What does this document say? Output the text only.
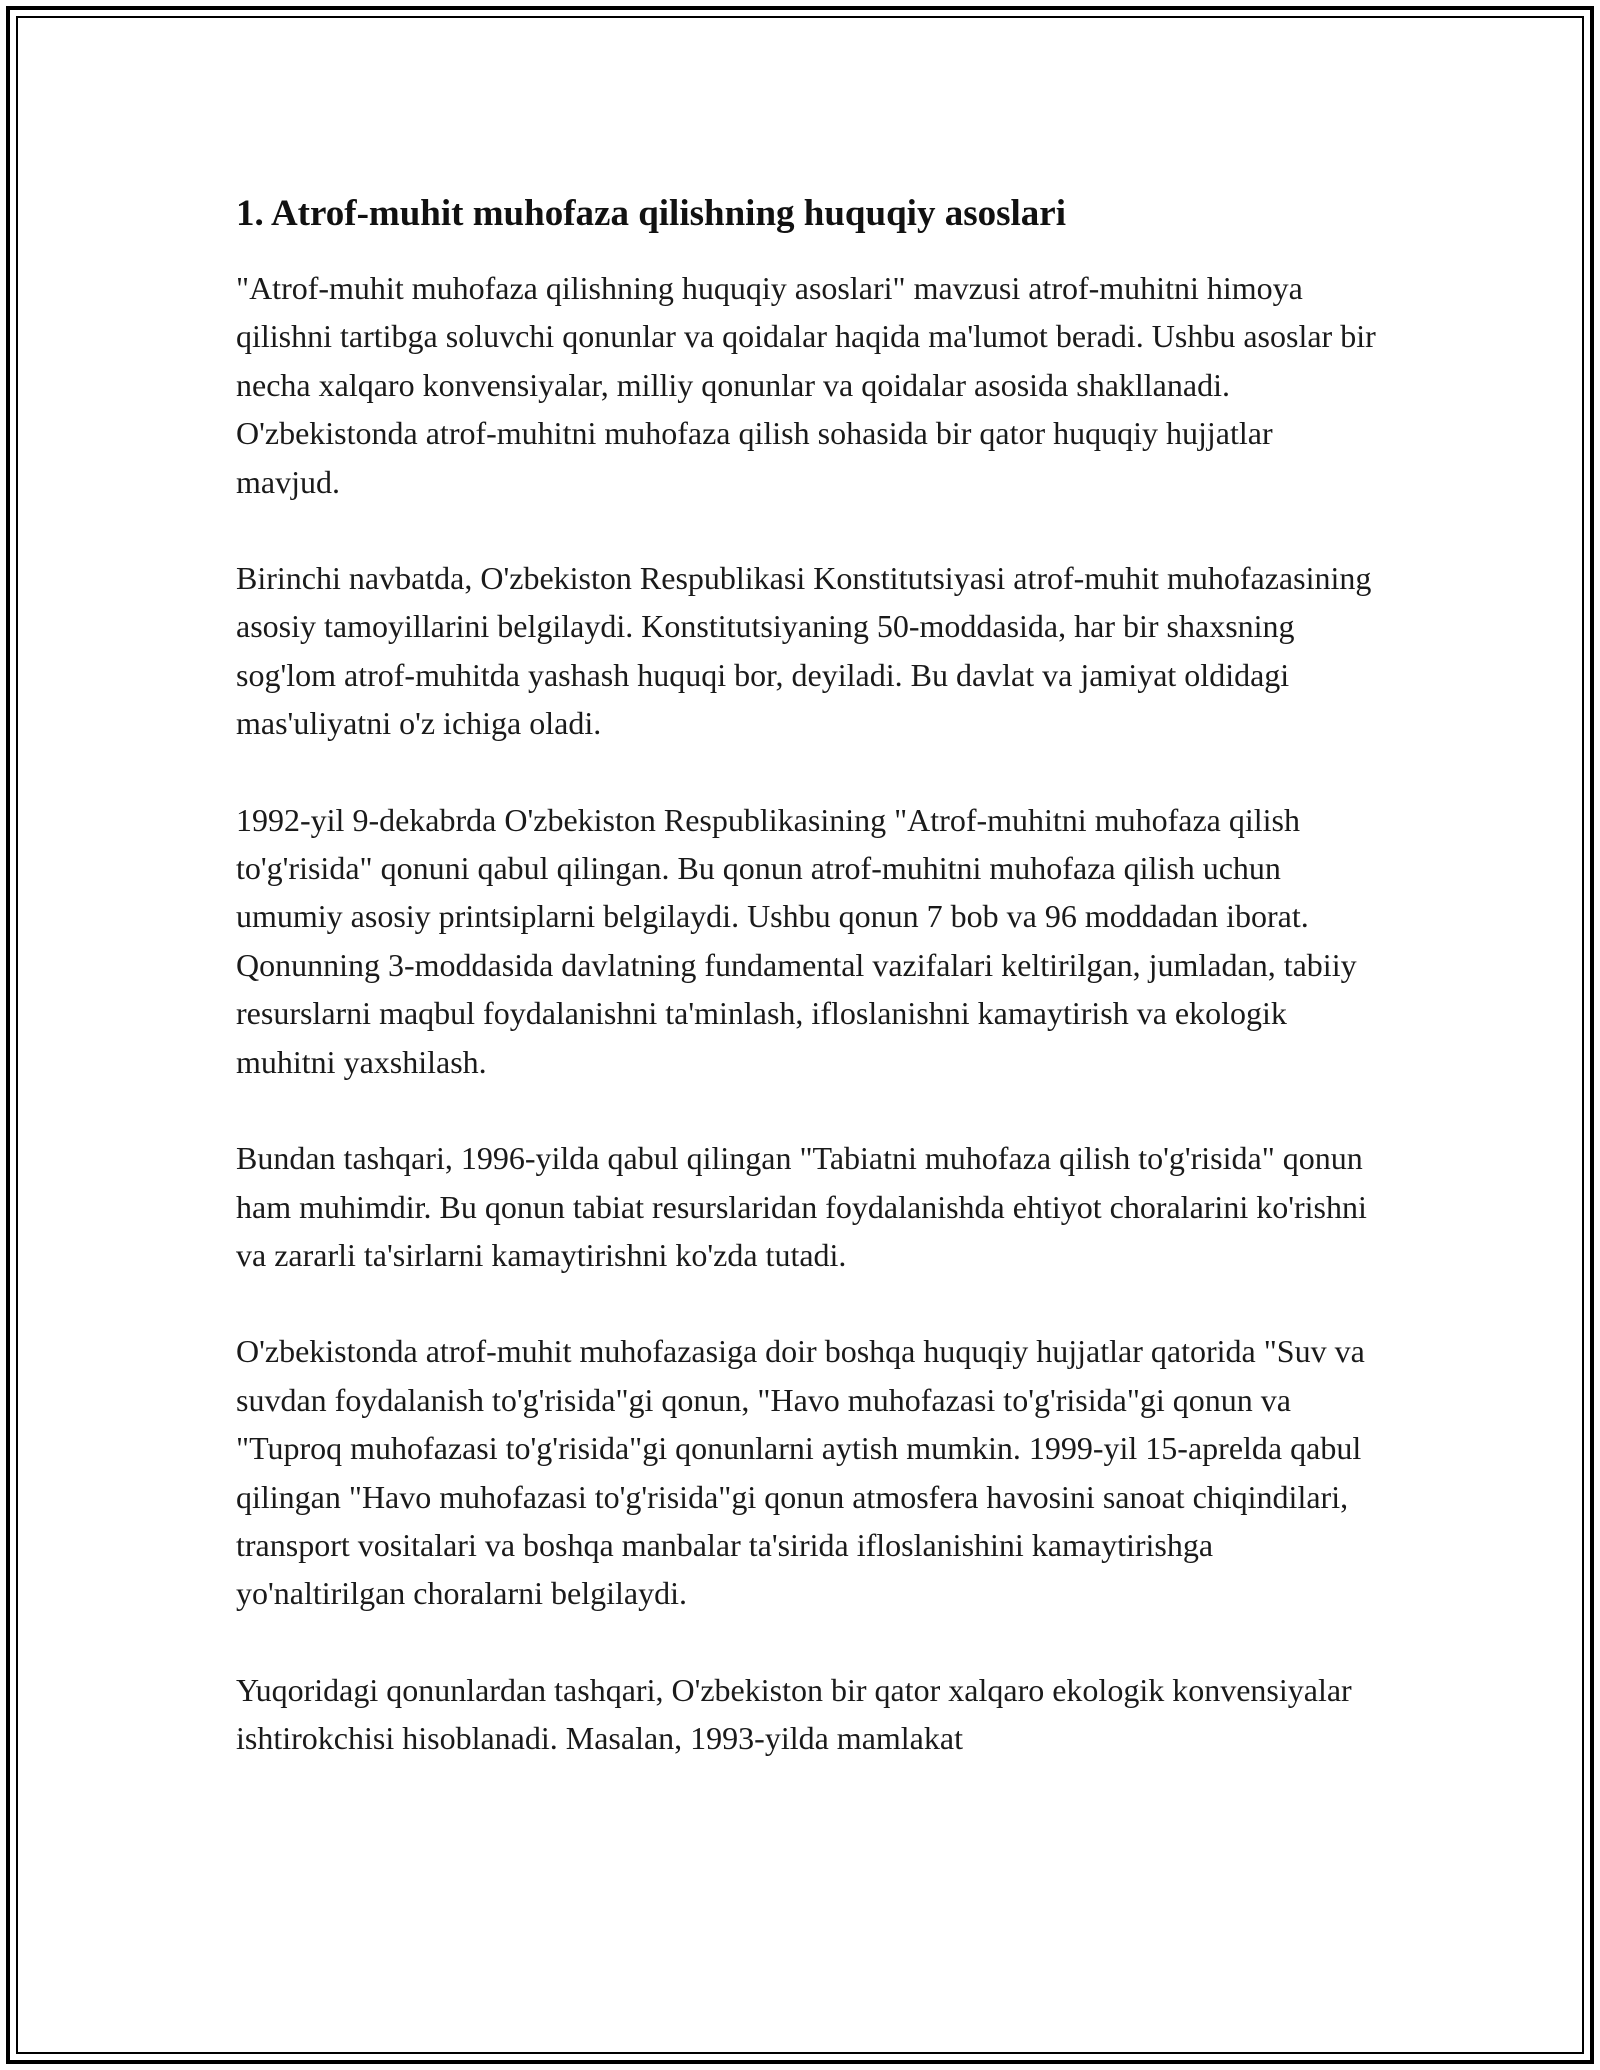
1. Atrof-muhit muhofaza qilishning huquqiy asoslari

"Atrof-muhit muhofaza qilishning huquqiy asoslari" mavzusi atrof-muhitni himoya qilishni tartibga soluvchi qonunlar va qoidalar haqida ma'lumot beradi. Ushbu asoslar bir necha xalqaro konvensiyalar, milliy qonunlar va qoidalar asosida shakllanadi. O'zbekistonda atrof-muhitni muhofaza qilish sohasida bir qator huquqiy hujjatlar mavjud.

Birinchi navbatda, O'zbekiston Respublikasi Konstitutsiyasi atrof-muhit muhofazasining asosiy tamoyillarini belgilaydi. Konstitutsiyaning 50-moddasida, har bir shaxsning sog'lom atrof-muhitda yashash huquqi bor, deyiladi. Bu davlat va jamiyat oldidagi mas'uliyatni o'z ichiga oladi.

1992-yil 9-dekabrda O'zbekiston Respublikasining "Atrof-muhitni muhofaza qilish to'g'risida" qonuni qabul qilingan. Bu qonun atrof-muhitni muhofaza qilish uchun umumiy asosiy printsiplarni belgilaydi. Ushbu qonun 7 bob va 96 moddadan iborat. Qonunning 3-moddasida davlatning fundamental vazifalari keltirilgan, jumladan, tabiiy resurslarni maqbul foydalanishni ta'minlash, ifloslanishni kamaytirish va ekologik muhitni yaxshilash.

Bundan tashqari, 1996-yilda qabul qilingan "Tabiatni muhofaza qilish to'g'risida" qonun ham muhimdir. Bu qonun tabiat resurslaridan foydalanishda ehtiyot choralarini ko'rishni va zararli ta'sirlarni kamaytirishni ko'zda tutadi.

O'zbekistonda atrof-muhit muhofazasiga doir boshqa huquqiy hujjatlar qatorida "Suv va suvdan foydalanish to'g'risida"gi qonun, "Havo muhofazasi to'g'risida"gi qonun va "Tuproq muhofazasi to'g'risida"gi qonunlarni aytish mumkin. 1999-yil 15-aprelda qabul qilingan "Havo muhofazasi to'g'risida"gi qonun atmosfera havosini sanoat chiqindilari, transport vositalari va boshqa manbalar ta'sirida ifloslanishini kamaytirishga yo'naltirilgan choralarni belgilaydi.

Yuqoridagi qonunlardan tashqari, O'zbekiston bir qator xalqaro ekologik konvensiyalar ishtirokchisi hisoblanadi. Masalan, 1993-yilda mamlakat
